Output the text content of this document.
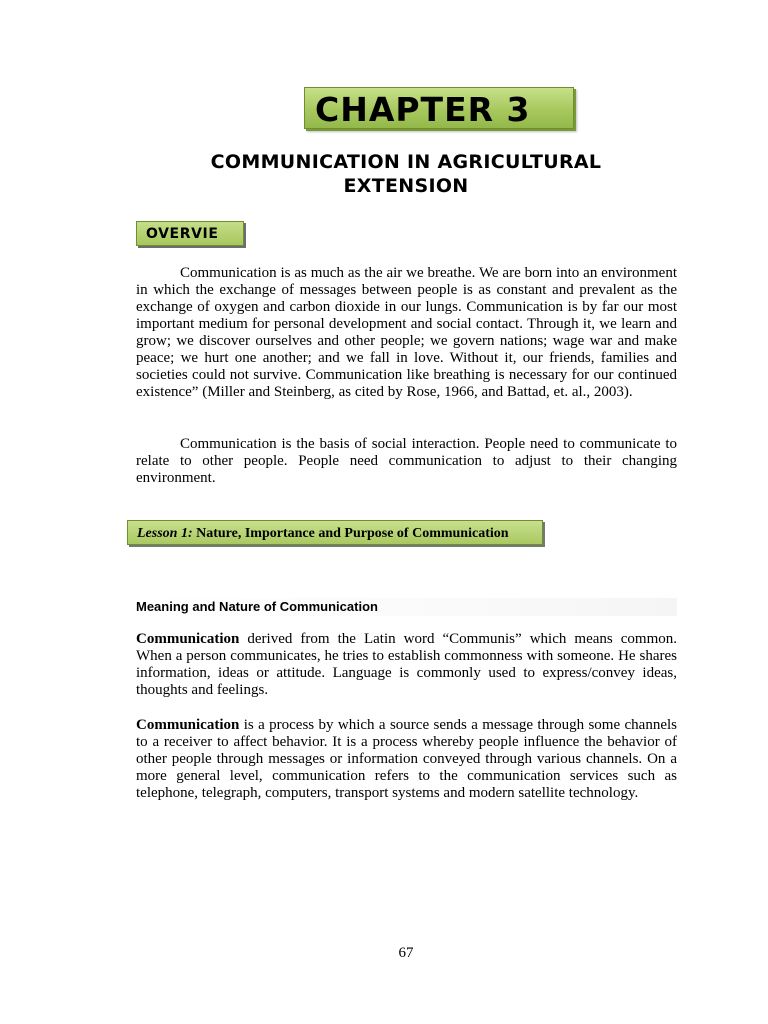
CHAPTER 3
COMMUNICATION IN AGRICULTURAL EXTENSION
OVERVIE

Communication is as much as the air we breathe. We are born into an environment in which the exchange of messages between people is as constant and prevalent as the exchange of oxygen and carbon dioxide in our lungs. Communication is by far our most important medium for personal development and social contact. Through it, we learn and grow; we discover ourselves and other people; we govern nations; wage war and make peace; we hurt one another; and we fall in love. Without it, our friends, families and societies could not survive. Communication like breathing is necessary for our continued existence” (Miller and Steinberg, as cited by Rose, 1966, and Battad, et. al., 2003).

Communication is the basis of social interaction. People need to communicate to relate to other people. People need communication to adjust to their changing environment.

Lesson 1: Nature, Importance and Purpose of Communication
Meaning and Nature of Communication

Communication derived from the Latin word “Communis” which means common. When a person communicates, he tries to establish commonness with someone. He shares information, ideas or attitude. Language is commonly used to express/convey ideas, thoughts and feelings.

Communication is a process by which a source sends a message through some channels to a receiver to affect behavior. It is a process whereby people influence the behavior of other people through messages or information conveyed through various channels. On a more general level, communication refers to the communication services such as telephone, telegraph, computers, transport systems and modern satellite technology.

67
